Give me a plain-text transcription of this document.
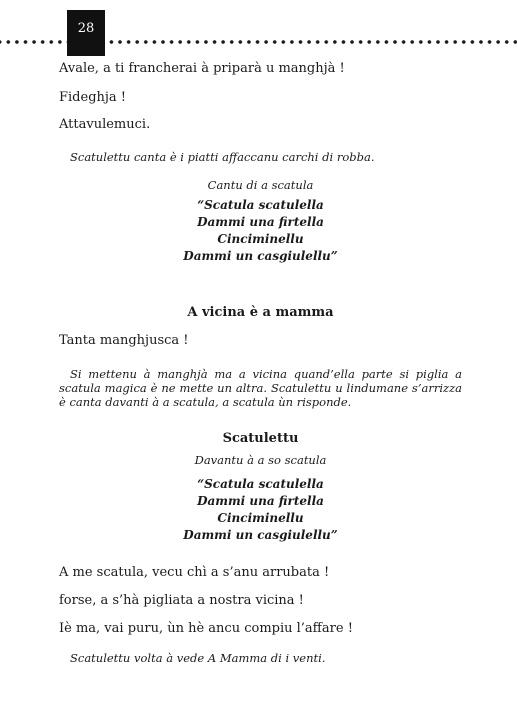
28
Avale, a ti francherai à priparà u manghjà !
Fideghja !
Attavulemuci.
Scatulettu canta è i piatti affaccanu carchi di robba.
Cantu di a scatula
“Scatula scatulella
Dammi una firtella
Cinciminellu
Dammi un casgiulellu”
A vicina è a mamma
Tanta manghjusca !
Si mettenu à manghjà ma a vicina quand’ella parte si piglia a scatula magica è ne mette un altra. Scatulettu u lindumane s’arrizza è canta davanti à a scatula, a scatula ùn risponde.
Scatulettu
Davantu à a so scatula
“Scatula scatulella
Dammi una firtella
Cinciminellu
Dammi un casgiulellu”
A me scatula, vecu chì a s’anu arrubata !
forse, a s’hà pigliata a nostra vicina !
Iè ma, vai puru, ùn hè ancu compiu l’affare !
Scatulettu volta à vede A Mamma di i venti.
